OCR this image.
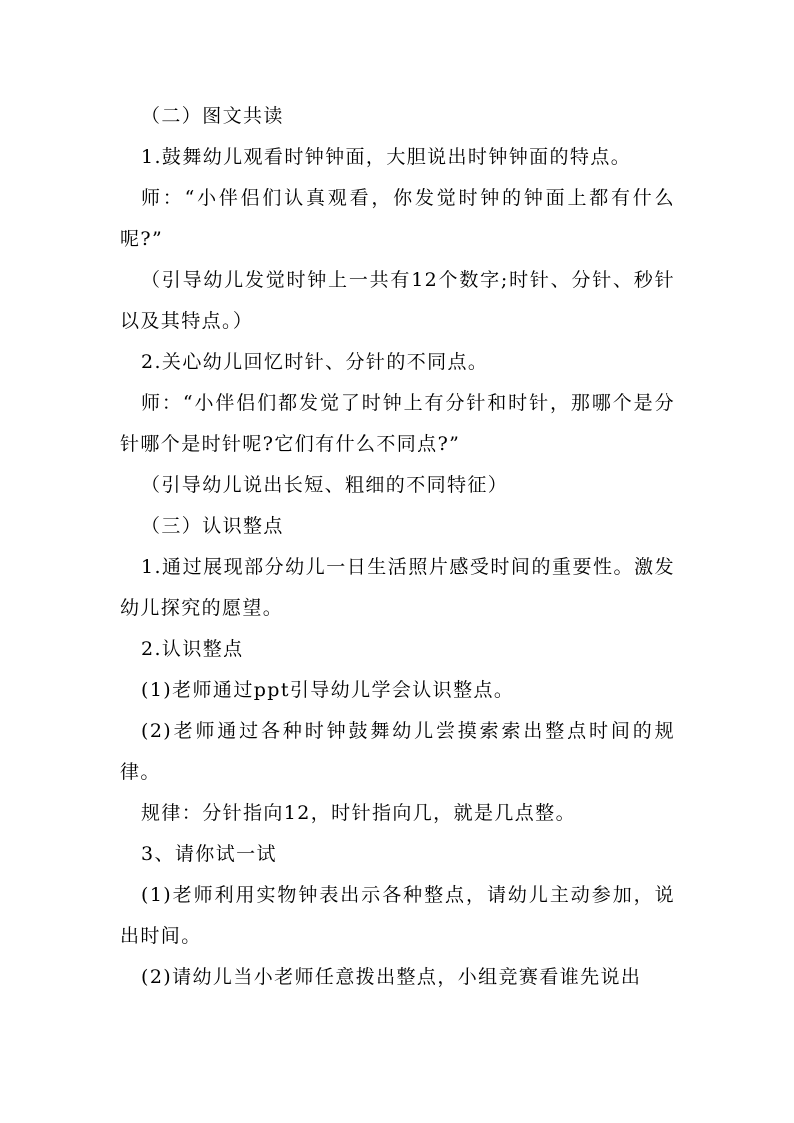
（二）图文共读

1.鼓舞幼儿观看时钟钟面，大胆说出时钟钟面的特点。

师：“小伴侣们认真观看，你发觉时钟的钟面上都有什么呢?”

（引导幼儿发觉时钟上一共有12个数字;时针、分针、秒针以及其特点。）

2.关心幼儿回忆时针、分针的不同点。

师：“小伴侣们都发觉了时钟上有分针和时针，那哪个是分针哪个是时针呢?它们有什么不同点?”

（引导幼儿说出长短、粗细的不同特征）

（三）认识整点

1.通过展现部分幼儿一日生活照片感受时间的重要性。激发幼儿探究的愿望。

2.认识整点

(1)老师通过ppt引导幼儿学会认识整点。

(2)老师通过各种时钟鼓舞幼儿尝摸索索出整点时间的规律。

规律：分针指向12，时针指向几，就是几点整。

3、请你试一试

(1)老师利用实物钟表出示各种整点，请幼儿主动参加，说出时间。

(2)请幼儿当小老师任意拨出整点，小组竞赛看谁先说出
